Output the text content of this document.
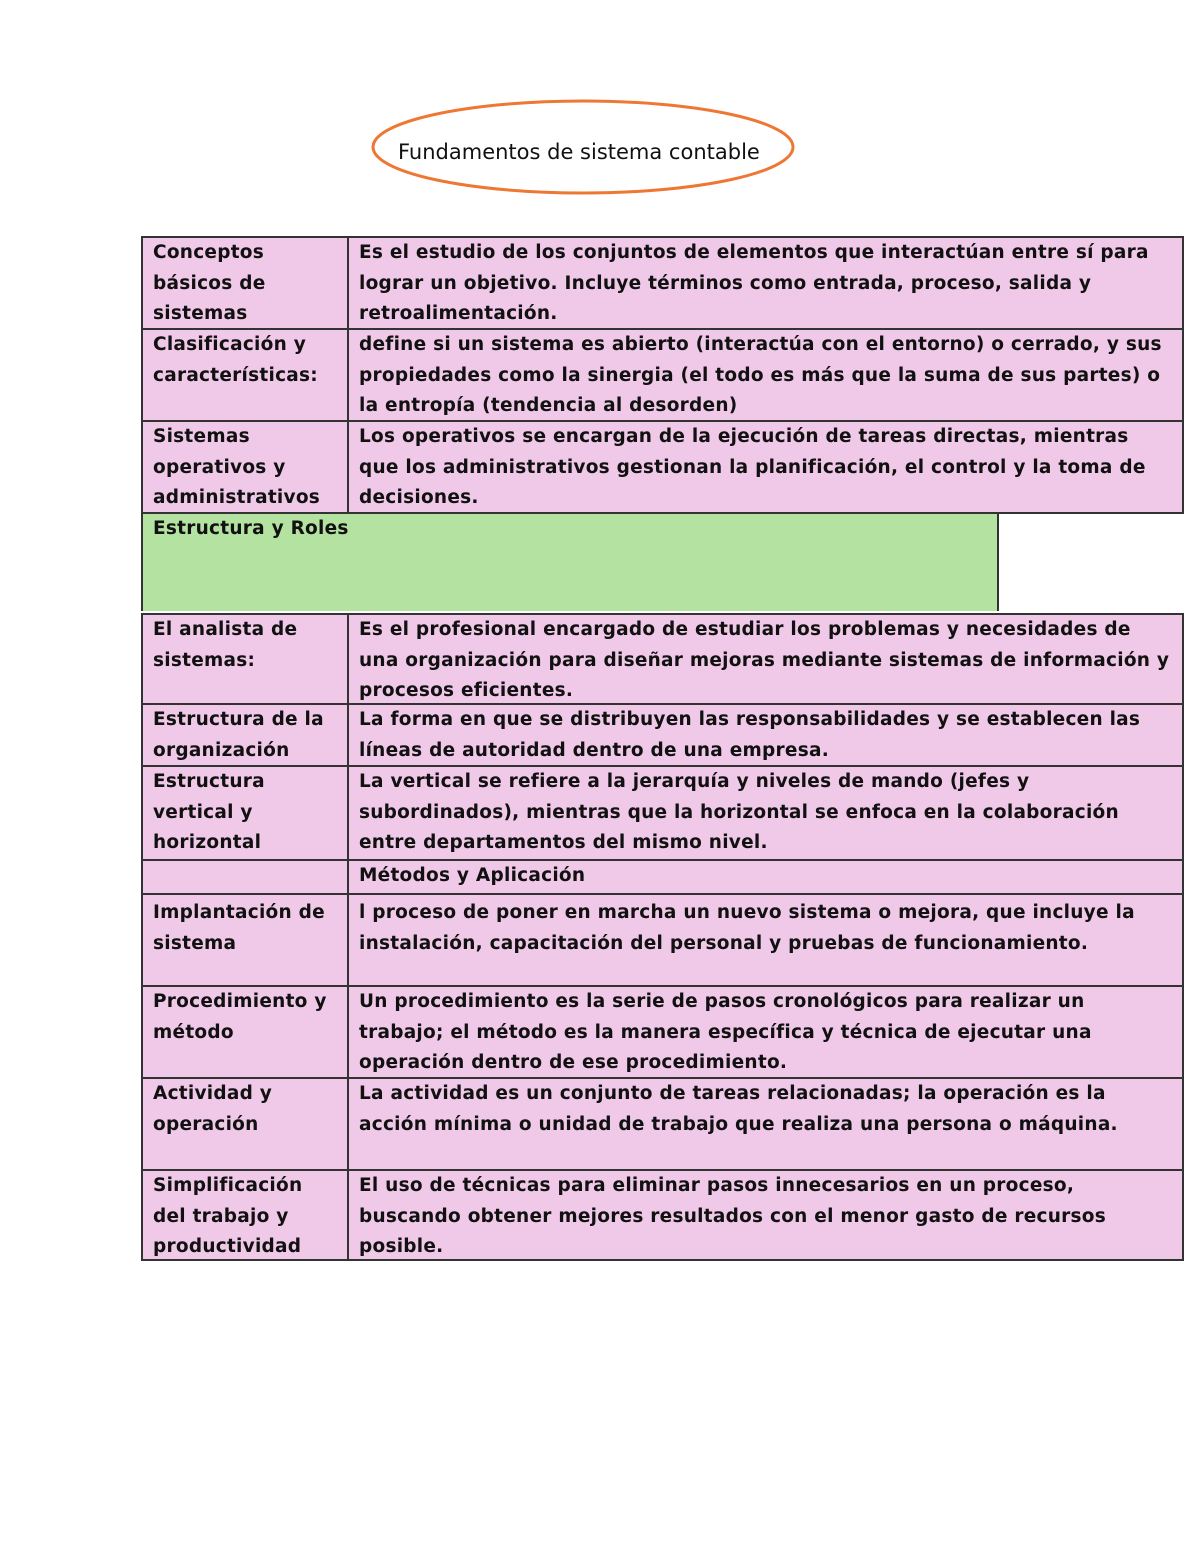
Fundamentos de sistema contable
Conceptos básicos de sistemas
Es el estudio de los conjuntos de elementos que interactúan entre sí para lograr un objetivo. Incluye términos como entrada, proceso, salida y retroalimentación.
Clasificación y características:
define si un sistema es abierto (interactúa con el entorno) o cerrado, y sus propiedades como la sinergia (el todo es más que la suma de sus partes) o la entropía (tendencia al desorden)
Sistemas operativos y administrativos
Los operativos se encargan de la ejecución de tareas directas, mientras que los administrativos gestionan la planificación, el control y la toma de decisiones.
Estructura y Roles
El analista de sistemas:
Es el profesional encargado de estudiar los problemas y necesidades de una organización para diseñar mejoras mediante sistemas de información y procesos eficientes.
Estructura de la organización
La forma en que se distribuyen las responsabilidades y se establecen las líneas de autoridad dentro de una empresa.
Estructura vertical y horizontal
La vertical se refiere a la jerarquía y niveles de mando (jefes y subordinados), mientras que la horizontal se enfoca en la colaboración entre departamentos del mismo nivel.
Métodos y Aplicación
Implantación de sistema
l proceso de poner en marcha un nuevo sistema o mejora, que incluye la instalación, capacitación del personal y pruebas de funcionamiento.
Procedimiento y método
Un procedimiento es la serie de pasos cronológicos para realizar un trabajo; el método es la manera específica y técnica de ejecutar una operación dentro de ese procedimiento.
Actividad y operación
La actividad es un conjunto de tareas relacionadas; la operación es la acción mínima o unidad de trabajo que realiza una persona o máquina.
Simplificación del trabajo y productividad
El uso de técnicas para eliminar pasos innecesarios en un proceso, buscando obtener mejores resultados con el menor gasto de recursos posible.
